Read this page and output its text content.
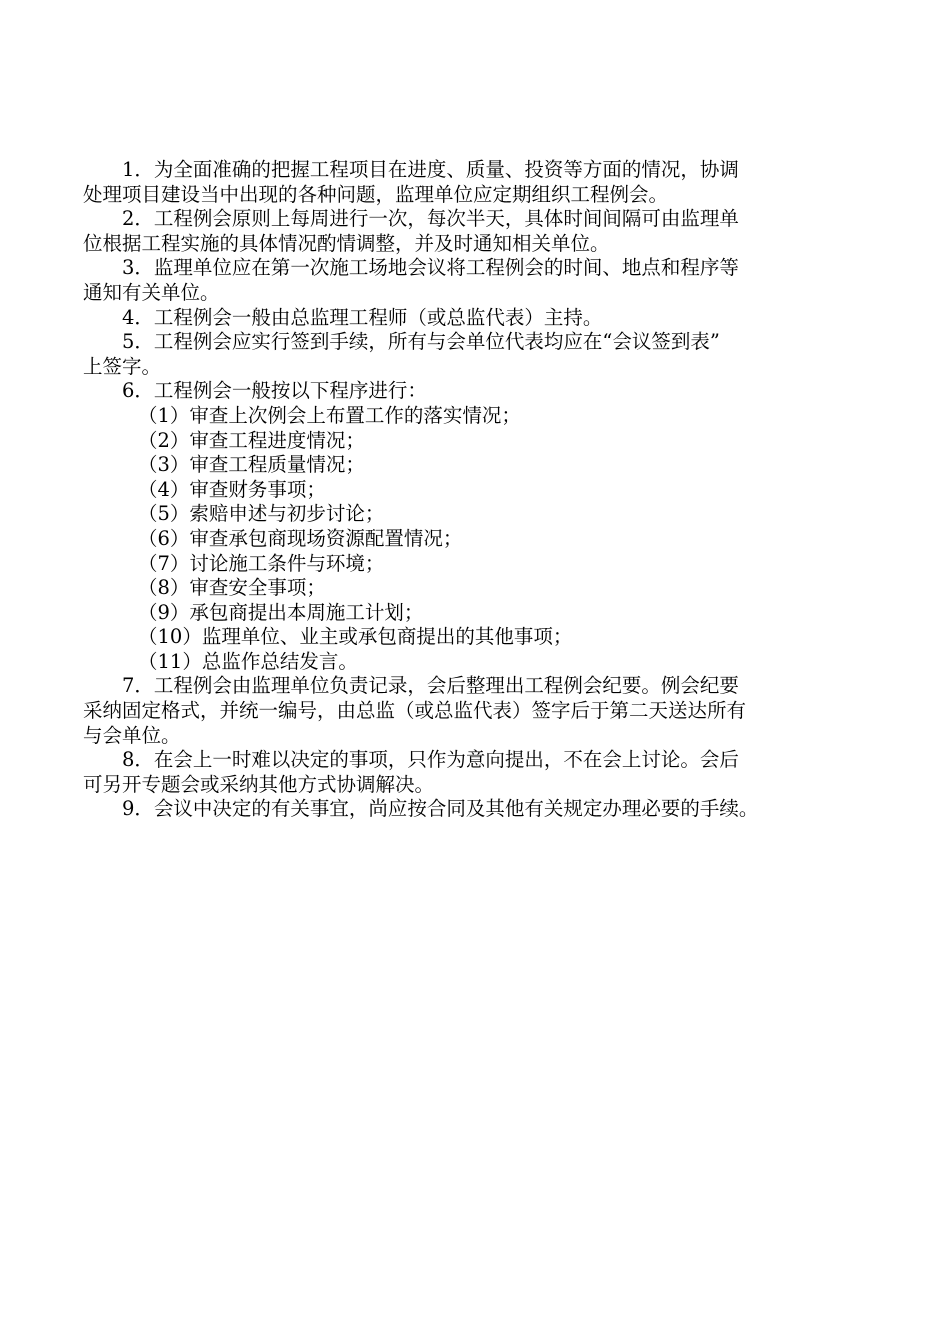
1．为全面准确的把握工程项目在进度、质量、投资等方面的情况，协调
处理项目建设当中出现的各种问题，监理单位应定期组织工程例会。

2．工程例会原则上每周进行一次，每次半天，具体时间间隔可由监理单
位根据工程实施的具体情况酌情调整，并及时通知相关单位。

3．监理单位应在第一次施工场地会议将工程例会的时间、地点和程序等
通知有关单位。

4．工程例会一般由总监理工程师（或总监代表）主持。

5．工程例会应实行签到手续，所有与会单位代表均应在“会议签到表”
上签字。

6．工程例会一般按以下程序进行：

（1）审查上次例会上布置工作的落实情况；

（2）审查工程进度情况；

（3）审查工程质量情况；

（4）审查财务事项；

（5）索赔申述与初步讨论；

（6）审查承包商现场资源配置情况；

（7）讨论施工条件与环境；

（8）审查安全事项；

（9）承包商提出本周施工计划；

（10）监理单位、业主或承包商提出的其他事项；

（11）总监作总结发言。

7．工程例会由监理单位负责记录，会后整理出工程例会纪要。例会纪要
采纳固定格式，并统一编号，由总监（或总监代表）签字后于第二天送达所有
与会单位。

8．在会上一时难以决定的事项，只作为意向提出，不在会上讨论。会后
可另开专题会或采纳其他方式协调解决。

9．会议中决定的有关事宜，尚应按合同及其他有关规定办理必要的手续。
